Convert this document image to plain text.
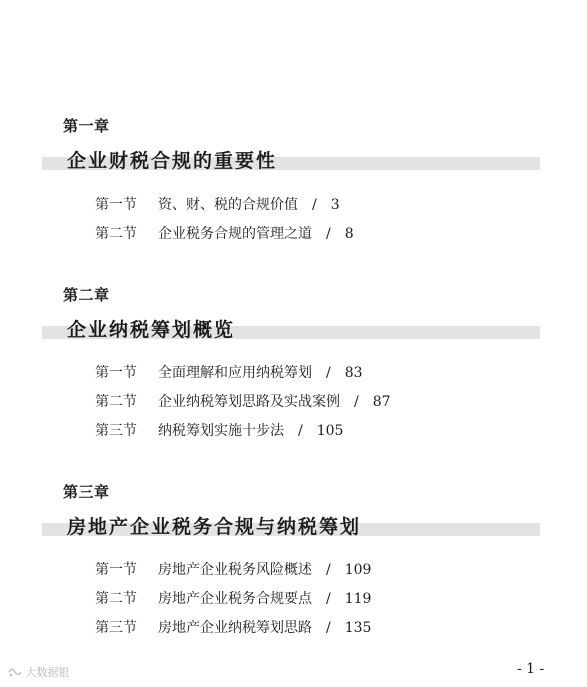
第一章
企业财税合规的重要性
第一节 资、财、税的合规价值 / 3
第二节 企业税务合规的管理之道 / 8
第二章
企业纳税筹划概览
第一节 全面理解和应用纳税筹划 / 83
第二节 企业纳税筹划思路及实战案例 / 87
第三节 纳税筹划实施十步法 / 105
第三章
房地产企业税务合规与纳税筹划
第一节 房地产企业税务风险概述 / 109
第二节 房地产企业税务合规要点 / 119
第三节 房地产企业纳税筹划思路 / 135
大数据银	- 1 -
